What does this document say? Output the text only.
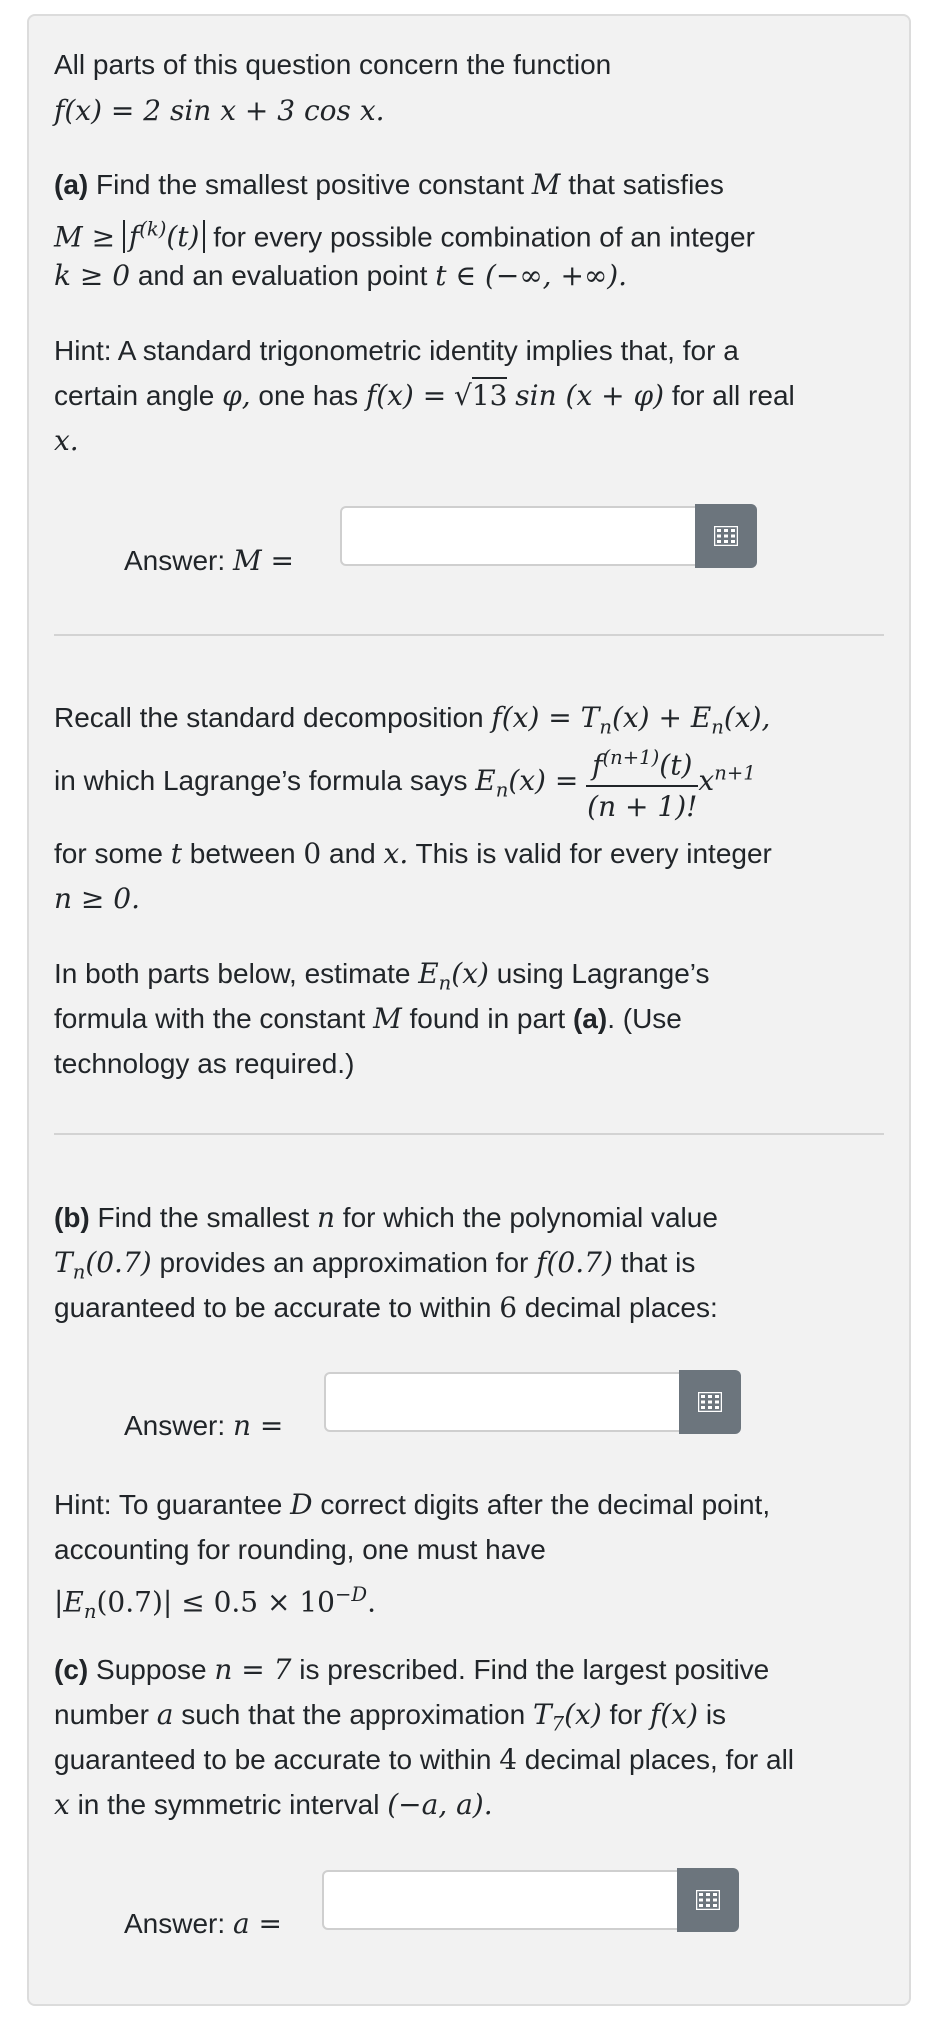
All parts of this question concern the function
f(x) = 2 sin x + 3 cos x.
(a) Find the smallest positive constant M that satisfies
$M \ge f^{(k)}(t)$ for every possible combination of an integer
k ≥ 0 and an evaluation point t ∈ (−∞, +∞).
Hint: A standard trigonometric identity implies that, for a
certain angle φ, one has f(x) = √13 sin (x + φ) for all real
x.
Answer: M =
Recall the standard decomposition $f(x) = T_n(x) + E_n(x)$,
in which Lagrange’s formula says $E_n(x) = \frac{f^{(n+1)}(t)}{(n + 1)!} x^{n+1}$
for some t between 0 and x. This is valid for every integer
n ≥ 0.
In both parts below, estimate $E_n(x)$ using Lagrange’s
formula with the constant M found in part (a). (Use
technology as required.)
(b) Find the smallest n for which the polynomial value
$T_n(0.7)$ provides an approximation for f(0.7) that is
guaranteed to be accurate to within 6 decimal places:
Answer: n =
Hint: To guarantee D correct digits after the decimal point,
accounting for rounding, one must have
$|E_n(0.7)| \le 0.5 \times 10^{-D}$.
(c) Suppose n = 7 is prescribed. Find the largest positive
number a such that the approximation $T_7(x)$ for f(x) is
guaranteed to be accurate to within 4 decimal places, for all
x in the symmetric interval (−a, a).
Answer: a =
